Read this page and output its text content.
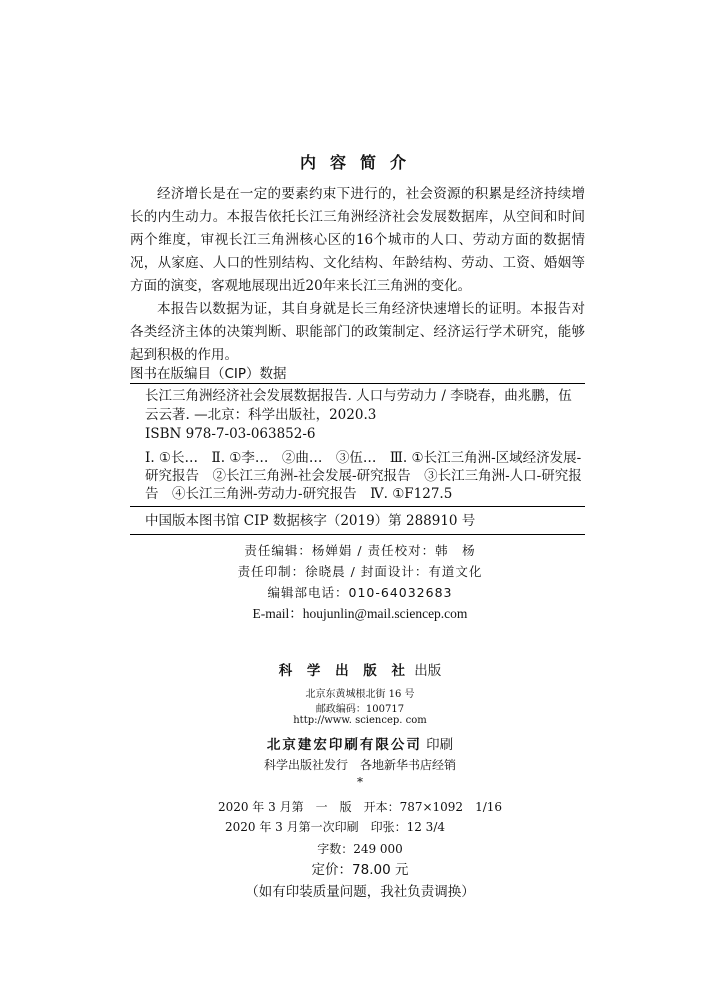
内容简介

经济增长是在一定的要素约束下进行的，社会资源的积累是经济持续增长的内生动力。本报告依托长江三角洲经济社会发展数据库，从空间和时间两个维度，审视长江三角洲核心区的16个城市的人口、劳动方面的数据情况，从家庭、人口的性别结构、文化结构、年龄结构、劳动、工资、婚姻等方面的演变，客观地展现出近20年来长江三角洲的变化。

本报告以数据为证，其自身就是长三角经济快速增长的证明。本报告对各类经济主体的决策判断、职能部门的政策制定、经济运行学术研究，能够起到积极的作用。

图书在版编目（CIP）数据

长江三角洲经济社会发展数据报告. 人口与劳动力 / 李晓春，曲兆鹏，伍云云著. —北京：科学出版社，2020.3

ISBN 978-7-03-063852-6

Ⅰ. ①长…　Ⅱ. ①李…　②曲…　③伍…　Ⅲ. ①长江三角洲-区域经济发展-研究报告　②长江三角洲-社会发展-研究报告　③长江三角洲-人口-研究报告　④长江三角洲-劳动力-研究报告　Ⅳ. ①F127.5
中国版本图书馆 CIP 数据核字（2019）第 288910 号
责任编辑：杨婵娟 / 责任校对：韩　杨
责任印制：徐晓晨 / 封面设计：有道文化
编辑部电话：010-64032683
E-mail：houjunlin@mail.sciencep.com
科 学 出 版 社 出版
北京东黄城根北街 16 号
邮政编码：100717
http://www. sciencep. com
北京建宏印刷有限公司 印刷
科学出版社发行　各地新华书店经销
*
2020 年 3 月第　一　版　开本：787×1092　1/16
2020 年 3 月第一次印刷　印张：12 3/4
字数：249 000
定价：78.00 元
（如有印装质量问题，我社负责调换）
